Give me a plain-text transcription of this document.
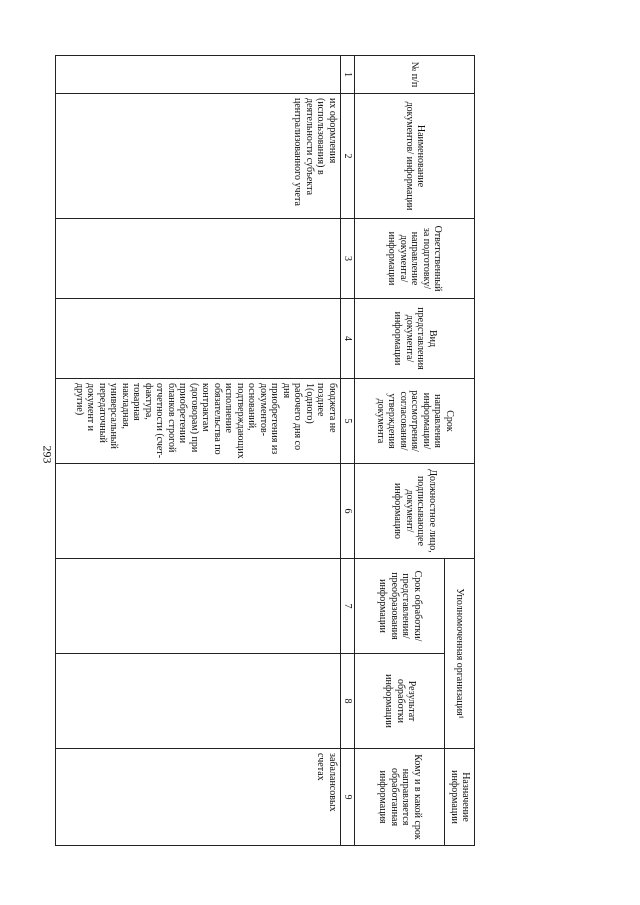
293
№ п/п	Наименование документов/ информации	Ответственный за подготовку/ направление документа/ информации	Вид представления документа/ информации	Срок направления информации/ рассмотрения/ согласования/ утверждения документа	Должностное лицо, подписывающее документ/ информацию	Уполномоченная организация¹		Назначение информации
						Срок обработки/ представления/ преобразования информации	Результат обработки информации	Кому и в какой срок направляется обработанная информация
1	2	3	4	5	6	7	8	9
	их оформления (использования) в деятельности субъекта централизованного учета			бюджета не позднее 1(одного) рабочего дня со дня приобретения из документов-оснований, подтверждающих исполнение обязательства по контрактам (договорам) при приобретении бланков строгой отчетности (счет-фактура, товарная накладная, универсальный передаточный документ и другие)				забалансовых счетах
